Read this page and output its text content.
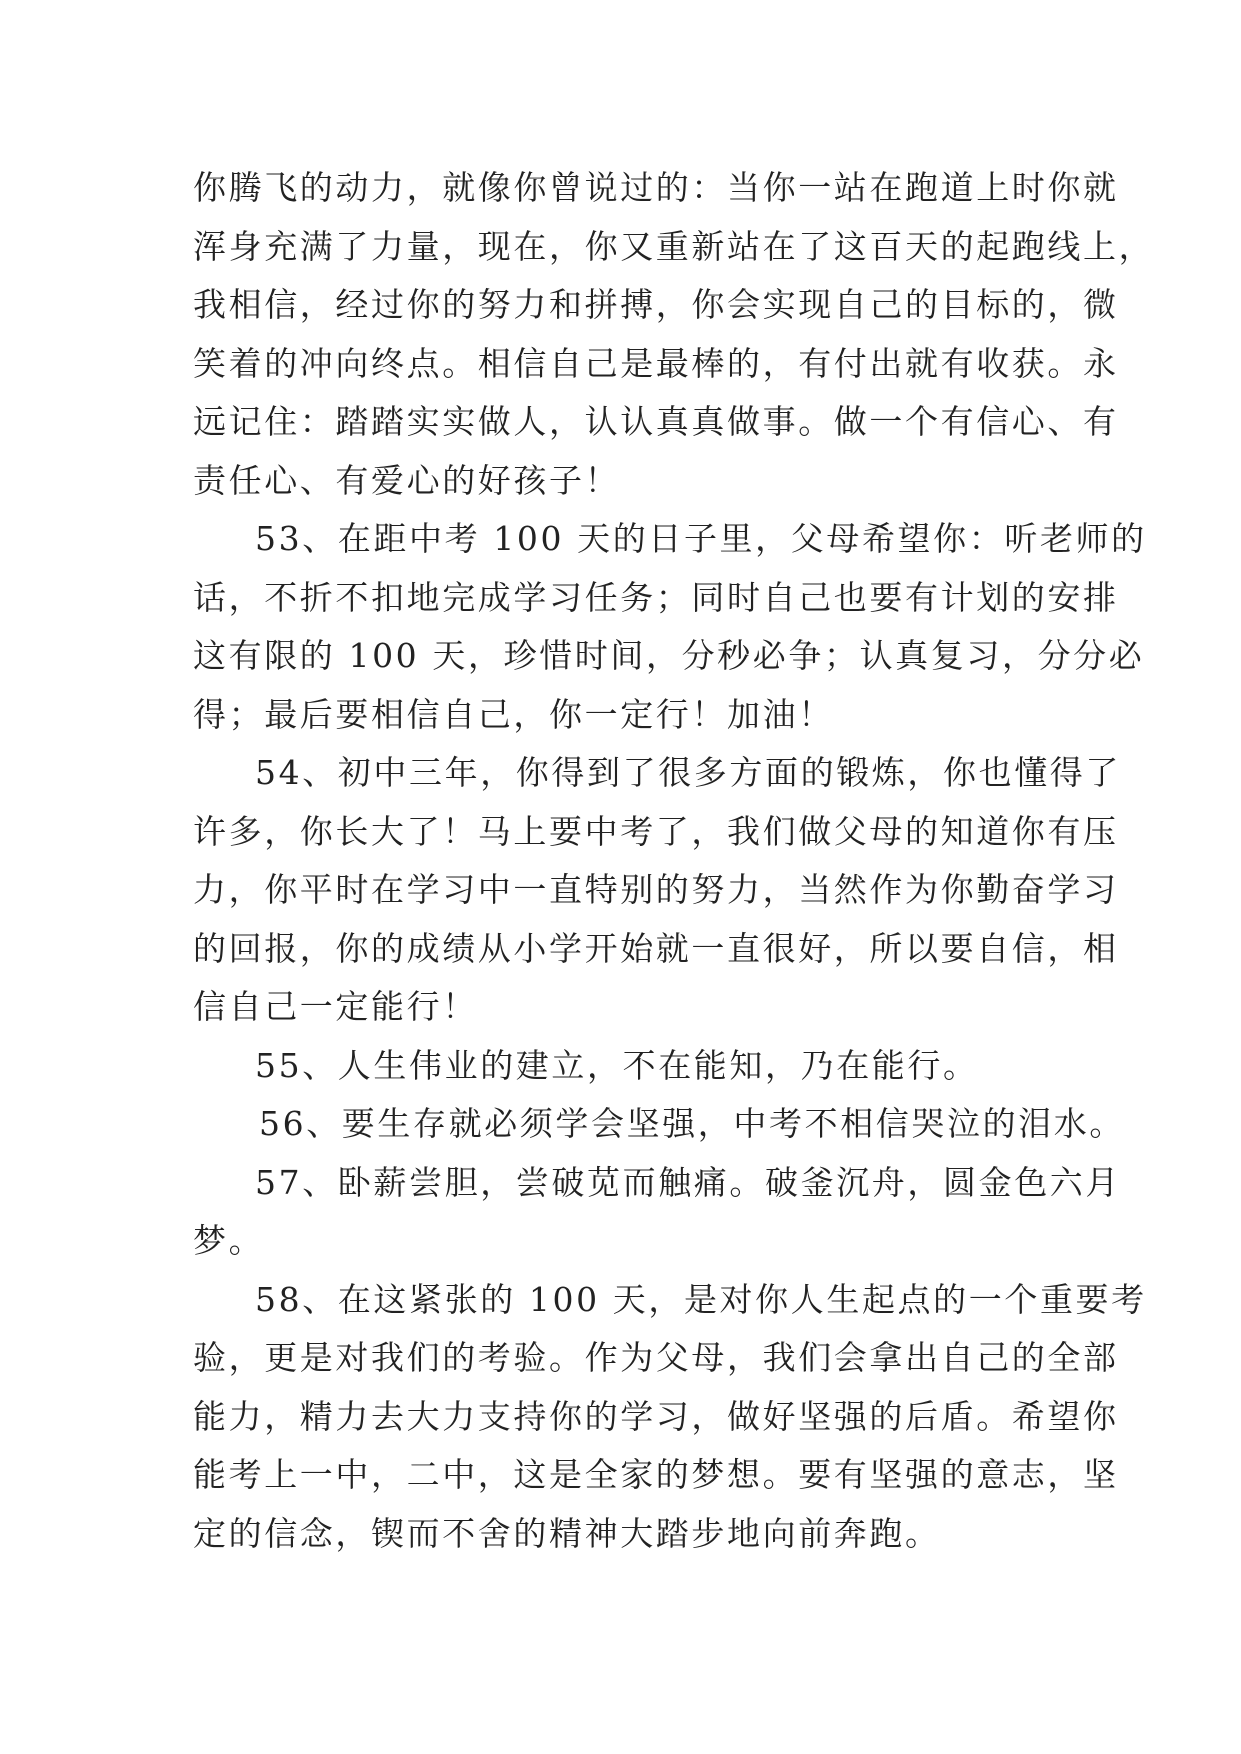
你腾飞的动力，就像你曾说过的：当你一站在跑道上时你就
浑身充满了力量，现在，你又重新站在了这百天的起跑线上，
我相信，经过你的努力和拼搏，你会实现自己的目标的，微
笑着的冲向终点。相信自己是最棒的，有付出就有收获。永
远记住：踏踏实实做人，认认真真做事。做一个有信心、有
责任心、有爱心的好孩子！
53、在距中考 100 天的日子里，父母希望你：听老师的
话，不折不扣地完成学习任务；同时自己也要有计划的安排
这有限的 100 天，珍惜时间，分秒必争；认真复习，分分必
得；最后要相信自己，你一定行！加油！
54、初中三年，你得到了很多方面的锻炼，你也懂得了
许多，你长大了！马上要中考了，我们做父母的知道你有压
力，你平时在学习中一直特别的努力，当然作为你勤奋学习
的回报，你的成绩从小学开始就一直很好，所以要自信，相
信自己一定能行！
55、人生伟业的建立，不在能知，乃在能行。
56、要生存就必须学会坚强，中考不相信哭泣的泪水。
57、卧薪尝胆，尝破苋而触痛。破釜沉舟，圆金色六月
梦。
58、在这紧张的 100 天，是对你人生起点的一个重要考
验，更是对我们的考验。作为父母，我们会拿出自己的全部
能力，精力去大力支持你的学习，做好坚强的后盾。希望你
能考上一中，二中，这是全家的梦想。要有坚强的意志，坚
定的信念，锲而不舍的精神大踏步地向前奔跑。
